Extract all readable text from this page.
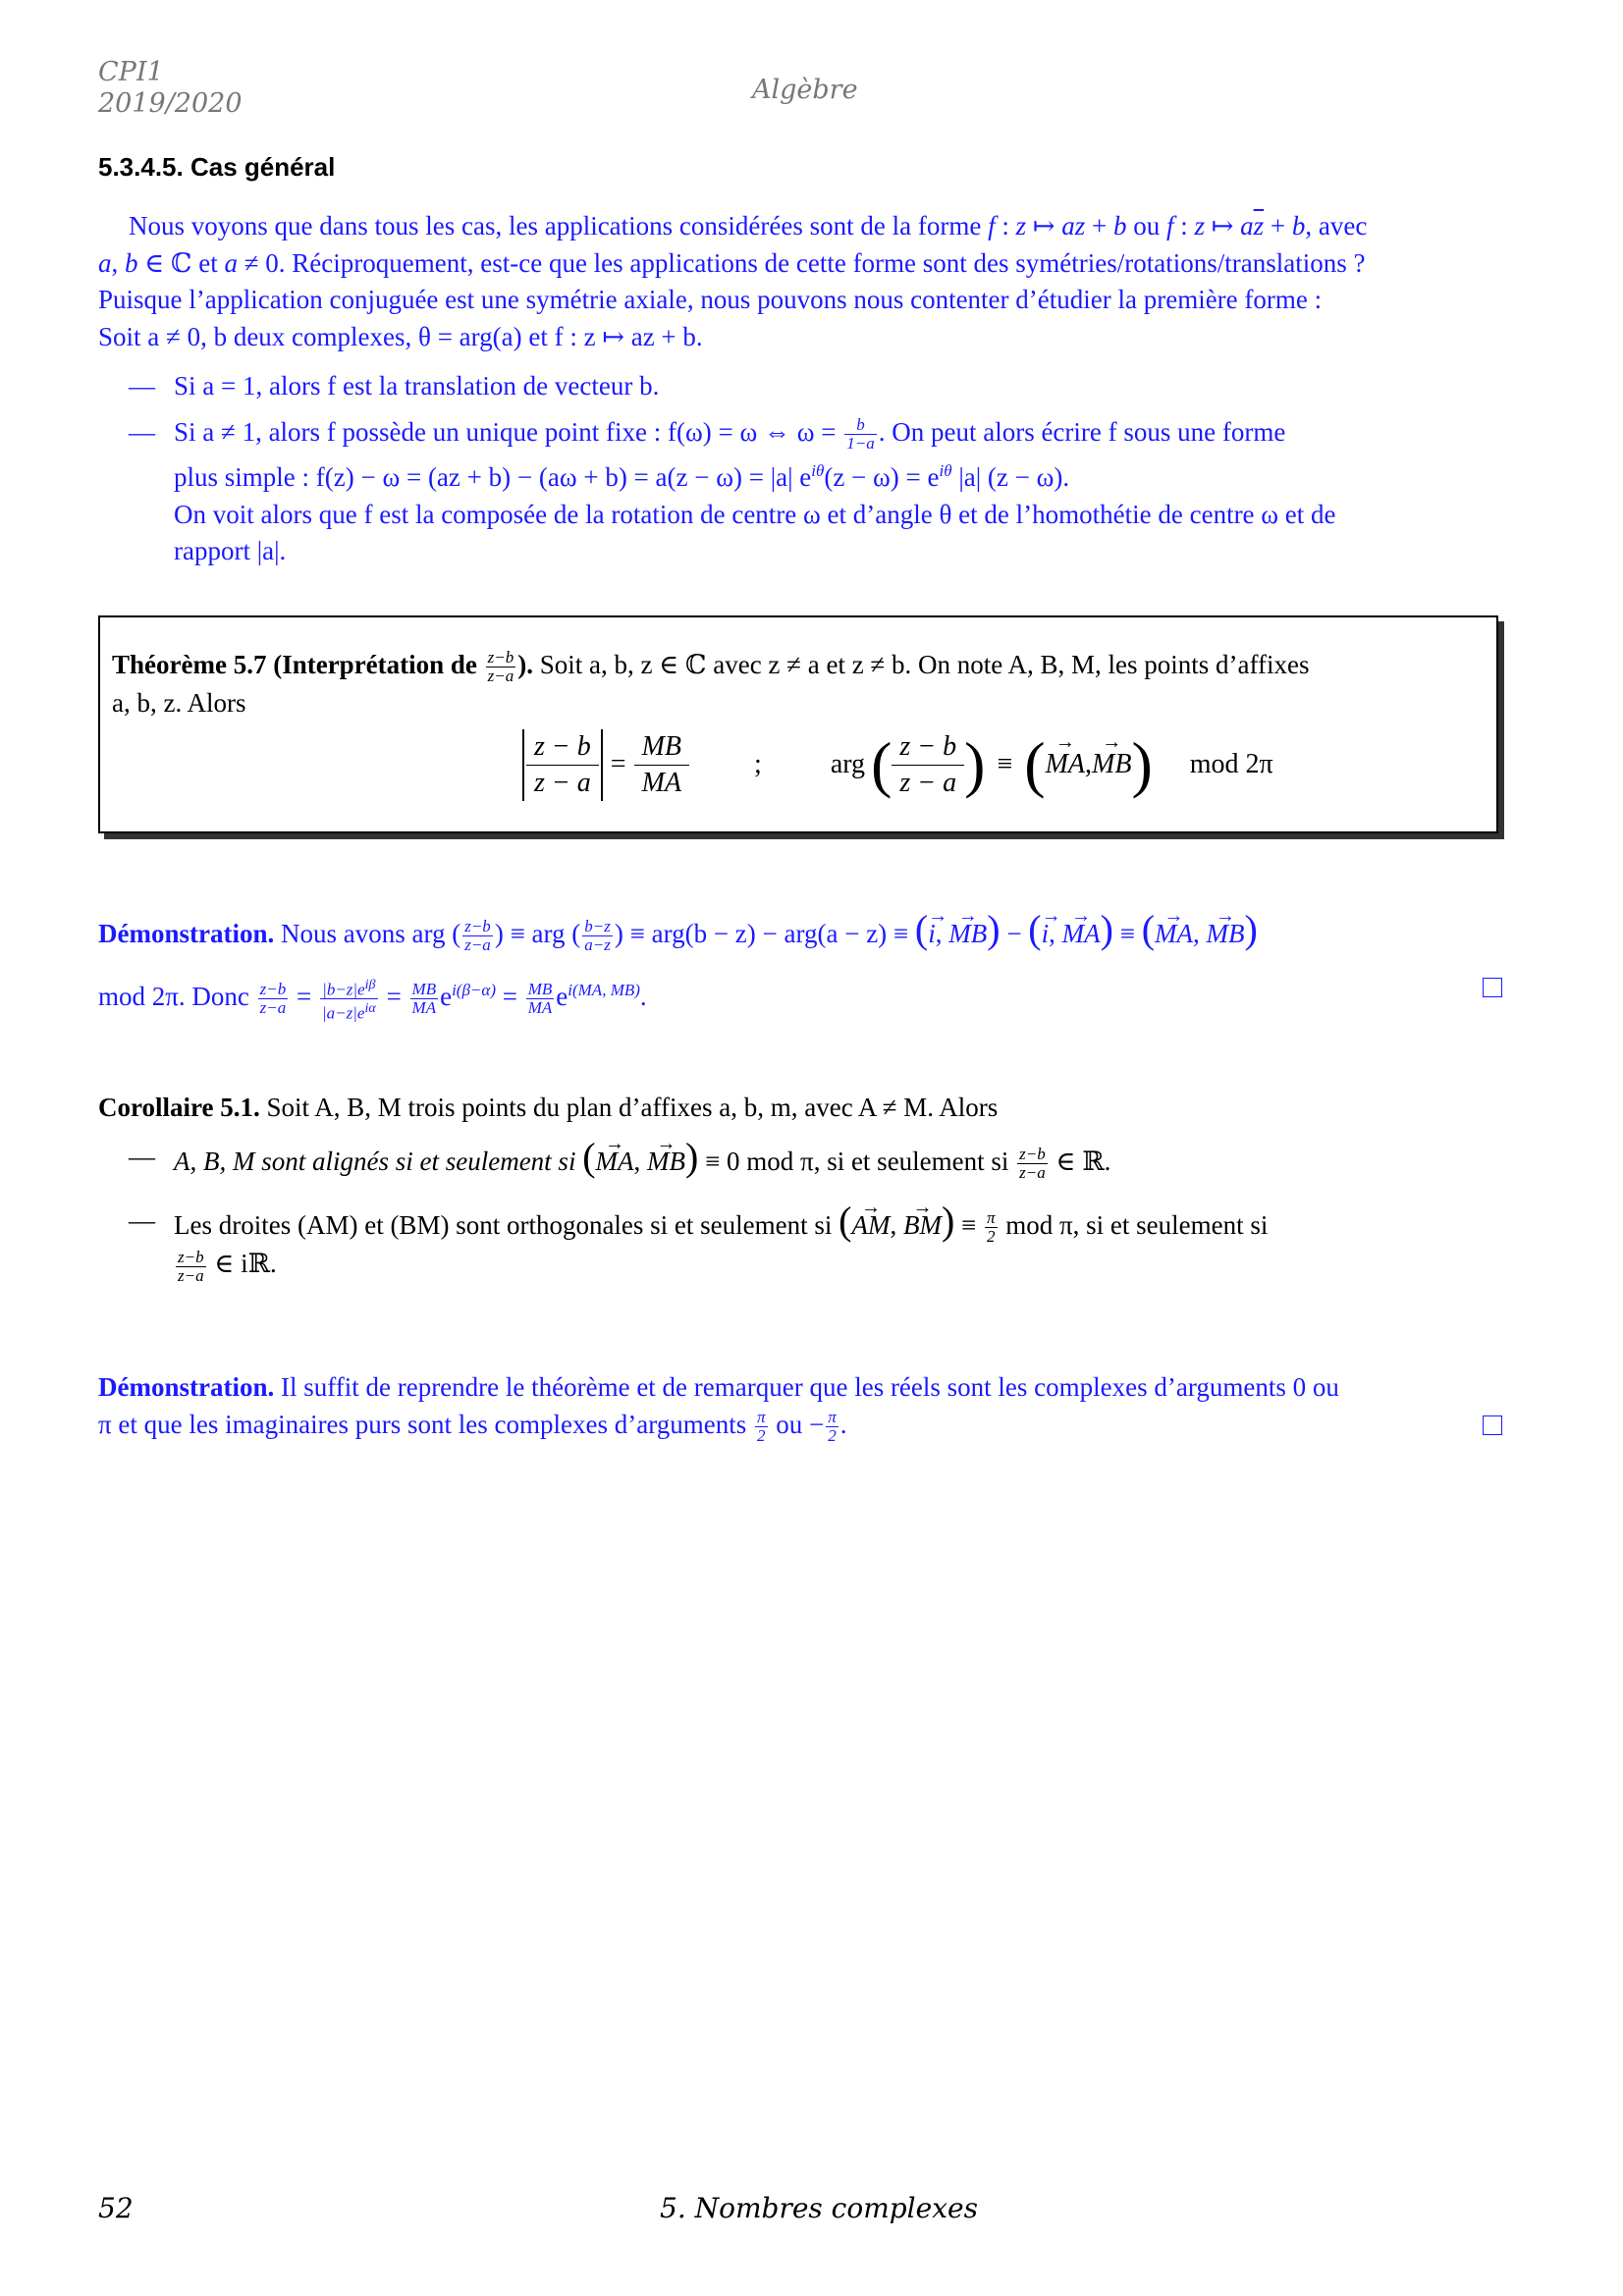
CPI1
2019/2020	Algèbre
5.3.4.5. Cas général

Nous voyons que dans tous les cas, les applications considérées sont de la forme f : z ↦ az + b ou f : z ↦ $a\overline{z} + b$, avec

a, b ∈ ℂ et a ≠ 0. Réciproquement, est-ce que les applications de cette forme sont des symétries/rotations/translations ?
Puisque l’application conjuguée est une symétrie axiale, nous pouvons nous contenter d’étudier la première forme :
Soit a ≠ 0, b deux complexes, θ = arg(a) et f : z ↦ az + b.
— Si a = 1, alors f est la translation de vecteur b.
— Si a ≠ 1, alors f possède un unique point fixe : f(ω) = ω ⇔ $\omega = \frac{b}{1-a}$ . On peut alors écrire f sous une forme
plus simple : f(z) − ω = (az + b) − (aω + b) = a(z − ω) = |a| $e^{i\theta}(z - \omega) = e^{i\theta}$ |a| (z − ω).
On voit alors que f est la composée de la rotation de centre ω et d’angle θ et de l’homothétie de centre ω et de
rapport |a|.
Théorème 5.7 (Interprétation de $\frac{z-b}{z-a}$ ). Soit a, b, z ∈ ℂ avec z ≠ a et z ≠ b. On note A, B, M, les points d’affixes
a, b, z. Alors
$\frac{z - b}{z - a} = \frac{MB}{MA}$ ;	arg ( $\frac{z - b}{z - a}$ ) ≡ ( → MA , → MB ) mod 2π
Démonstration. Nous avons arg ( $\frac{z-b}{z-a}$ ) ≡ arg ( $\frac{b-z}{a-z}$ ) ≡ arg(b − z) − arg(a − z) ≡ (→ i, → MB) − (→ i, → MA) ≡ (→ MA, → MB)
mod 2π. Donc $\frac{z-b}{z-a} = \frac{|b-z|e^{i\beta}}{|a-z|e^{i\alpha}} = \frac{MB}{MA} e^{i(\beta-\alpha)} = \frac{MB}{MA} e^{i(MA, MB)}$.
Corollaire 5.1. Soit A, B, M trois points du plan d’affixes a, b, m, avec A ≠ M. Alors
— A, B, M sont alignés si et seulement si (→ MA, → MB) ≡ 0 mod π, si et seulement si $\frac{z-b}{z-a}$ ∈ ℝ.
— Les droites (AM) et (BM) sont orthogonales si et seulement si (→ AM, → $BM) \equiv \frac{\pi}{2}$ mod π, si et seulement si
$\frac{z-b}{z-a}$ ∈ iℝ.
Démonstration. Il suffit de reprendre le théorème et de remarquer que les réels sont les complexes d’arguments 0 ou
π et que les imaginaires purs sont les complexes d’arguments $\frac{\pi}{2}$ ou − $\frac{\pi}{2}$ .
52	5. Nombres complexes
